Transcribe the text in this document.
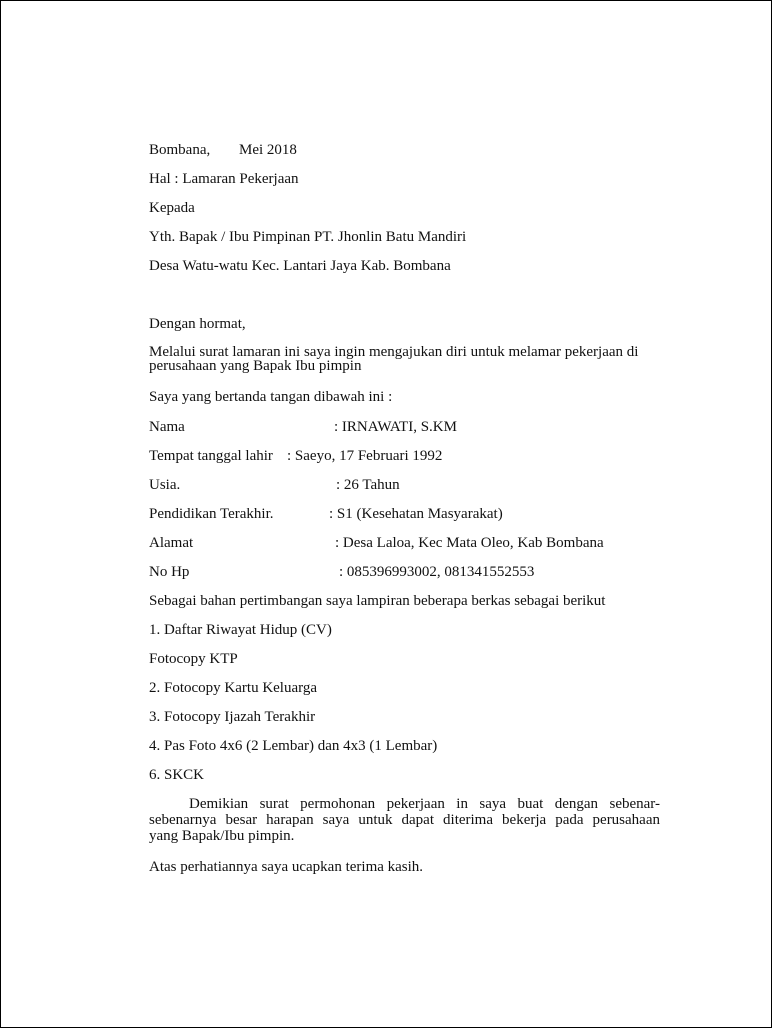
Bombana, Mei 2018
Hal : Lamaran Pekerjaan
Kepada
Yth. Bapak / Ibu Pimpinan PT. Jhonlin Batu Mandiri
Desa Watu-watu Kec. Lantari Jaya Kab. Bombana
Dengan hormat,
Melalui surat lamaran ini saya ingin mengajukan diri untuk melamar pekerjaan di
perusahaan yang Bapak Ibu pimpin
Saya yang bertanda tangan dibawah ini :
Nama	: IRNAWATI, S.KM
Tempat tanggal lahir : Saeyo, 17 Februari 1992
Usia.	: 26 Tahun
Pendidikan Terakhir.	: S1 (Kesehatan Masyarakat)
Alamat	: Desa Laloa, Kec Mata Oleo, Kab Bombana
No Hp	: 085396993002, 081341552553
Sebagai bahan pertimbangan saya lampiran beberapa berkas sebagai berikut
1. Daftar Riwayat Hidup (CV)
Fotocopy KTP
2. Fotocopy Kartu Keluarga
3. Fotocopy Ijazah Terakhir
4. Pas Foto 4x6 (2 Lembar) dan 4x3 (1 Lembar)
6. SKCK
Demikian surat permohonan pekerjaan in saya buat dengan sebenar-
sebenarnya besar harapan saya untuk dapat diterima bekerja pada perusahaan
yang Bapak/Ibu pimpin.
Atas perhatiannya saya ucapkan terima kasih.
